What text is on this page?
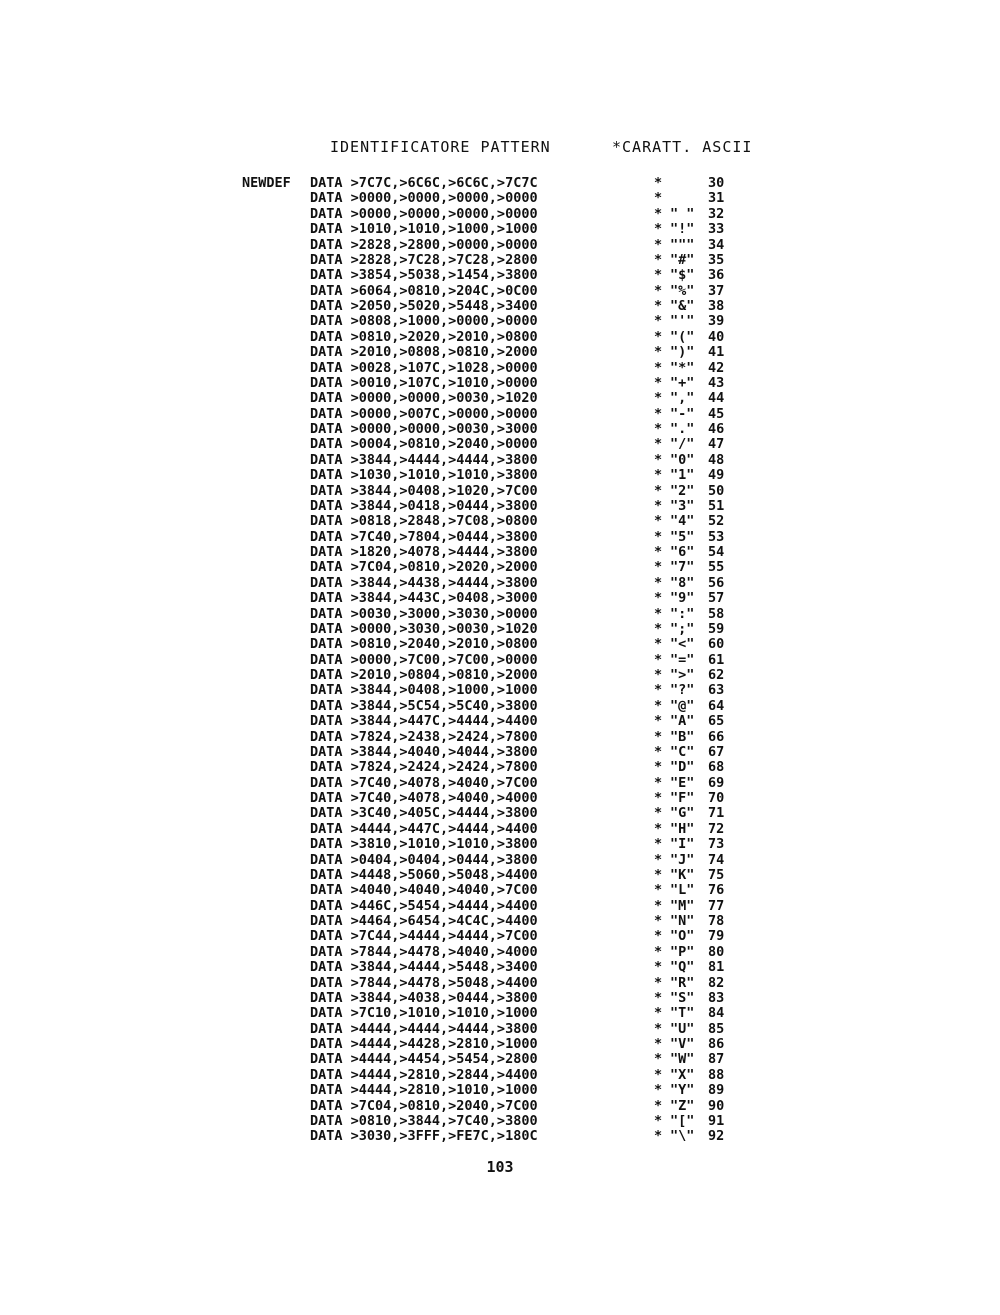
IDENTIFICATORE PATTERN	*CARATT. ASCII
NEWDEF DATA >7C7C,>6C6C,>6C6C,>7C7C	*	30
DATA >0000,>0000,>0000,>0000	*	31
DATA >0000,>0000,>0000,>0000	* " " 32
DATA >1010,>1010,>1000,>1000	* "!" 33
DATA >2828,>2800,>0000,>0000	* """ 34
DATA >2828,>7C28,>7C28,>2800	* "#" 35
DATA >3854,>5038,>1454,>3800	* "$" 36
DATA >6064,>0810,>204C,>0C00	* "%" 37
DATA >2050,>5020,>5448,>3400	* "&" 38
DATA >0808,>1000,>0000,>0000	* "'" 39
DATA >0810,>2020,>2010,>0800	* "(" 40
DATA >2010,>0808,>0810,>2000	* ")" 41
DATA >0028,>107C,>1028,>0000	* "*" 42
DATA >0010,>107C,>1010,>0000	* "+" 43
DATA >0000,>0000,>0030,>1020	* "," 44
DATA >0000,>007C,>0000,>0000	* "-" 45
DATA >0000,>0000,>0030,>3000	* "." 46
DATA >0004,>0810,>2040,>0000	* "/" 47
DATA >3844,>4444,>4444,>3800	* "0" 48
DATA >1030,>1010,>1010,>3800	* "1" 49
DATA >3844,>0408,>1020,>7C00	* "2" 50
DATA >3844,>0418,>0444,>3800	* "3" 51
DATA >0818,>2848,>7C08,>0800	* "4" 52
DATA >7C40,>7804,>0444,>3800	* "5" 53
DATA >1820,>4078,>4444,>3800	* "6" 54
DATA >7C04,>0810,>2020,>2000	* "7" 55
DATA >3844,>4438,>4444,>3800	* "8" 56
DATA >3844,>443C,>0408,>3000	* "9" 57
DATA >0030,>3000,>3030,>0000	* ":" 58
DATA >0000,>3030,>0030,>1020	* ";" 59
DATA >0810,>2040,>2010,>0800	* "<" 60
DATA >0000,>7C00,>7C00,>0000	* "=" 61
DATA >2010,>0804,>0810,>2000	* ">" 62
DATA >3844,>0408,>1000,>1000	* "?" 63
DATA >3844,>5C54,>5C40,>3800	* "@" 64
DATA >3844,>447C,>4444,>4400	* "A" 65
DATA >7824,>2438,>2424,>7800	* "B" 66
DATA >3844,>4040,>4044,>3800	* "C" 67
DATA >7824,>2424,>2424,>7800	* "D" 68
DATA >7C40,>4078,>4040,>7C00	* "E" 69
DATA >7C40,>4078,>4040,>4000	* "F" 70
DATA >3C40,>405C,>4444,>3800	* "G" 71
DATA >4444,>447C,>4444,>4400	* "H" 72
DATA >3810,>1010,>1010,>3800	* "I" 73
DATA >0404,>0404,>0444,>3800	* "J" 74
DATA >4448,>5060,>5048,>4400	* "K" 75
DATA >4040,>4040,>4040,>7C00	* "L" 76
DATA >446C,>5454,>4444,>4400	* "M" 77
DATA >4464,>6454,>4C4C,>4400	* "N" 78
DATA >7C44,>4444,>4444,>7C00	* "O" 79
DATA >7844,>4478,>4040,>4000	* "P" 80
DATA >3844,>4444,>5448,>3400	* "Q" 81
DATA >7844,>4478,>5048,>4400	* "R" 82
DATA >3844,>4038,>0444,>3800	* "S" 83
DATA >7C10,>1010,>1010,>1000	* "T" 84
DATA >4444,>4444,>4444,>3800	* "U" 85
DATA >4444,>4428,>2810,>1000	* "V" 86
DATA >4444,>4454,>5454,>2800	* "W" 87
DATA >4444,>2810,>2844,>4400	* "X" 88
DATA >4444,>2810,>1010,>1000	* "Y" 89
DATA >7C04,>0810,>2040,>7C00	* "Z" 90
DATA >0810,>3844,>7C40,>3800	* "[" 91
DATA >3030,>3FFF,>FE7C,>180C	* "\" 92
103
